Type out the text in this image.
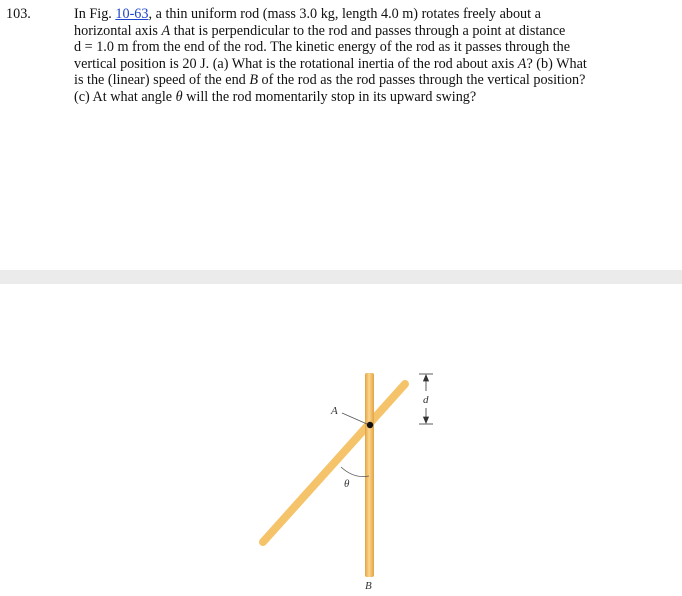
103.	In Fig. 10-63, a thin uniform rod (mass 3.0 kg, length 4.0 m) rotates freely about a
horizontal axis A that is perpendicular to the rod and passes through a point at distance
d = 1.0 m from the end of the rod. The kinetic energy of the rod as it passes through the
vertical position is 20 J. (a) What is the rotational inertia of the rod about axis A? (b) What
is the (linear) speed of the end B of the rod as the rod passes through the vertical position?
(c) At what angle θ will the rod momentarily stop in its upward swing?
A
θ
d
B
